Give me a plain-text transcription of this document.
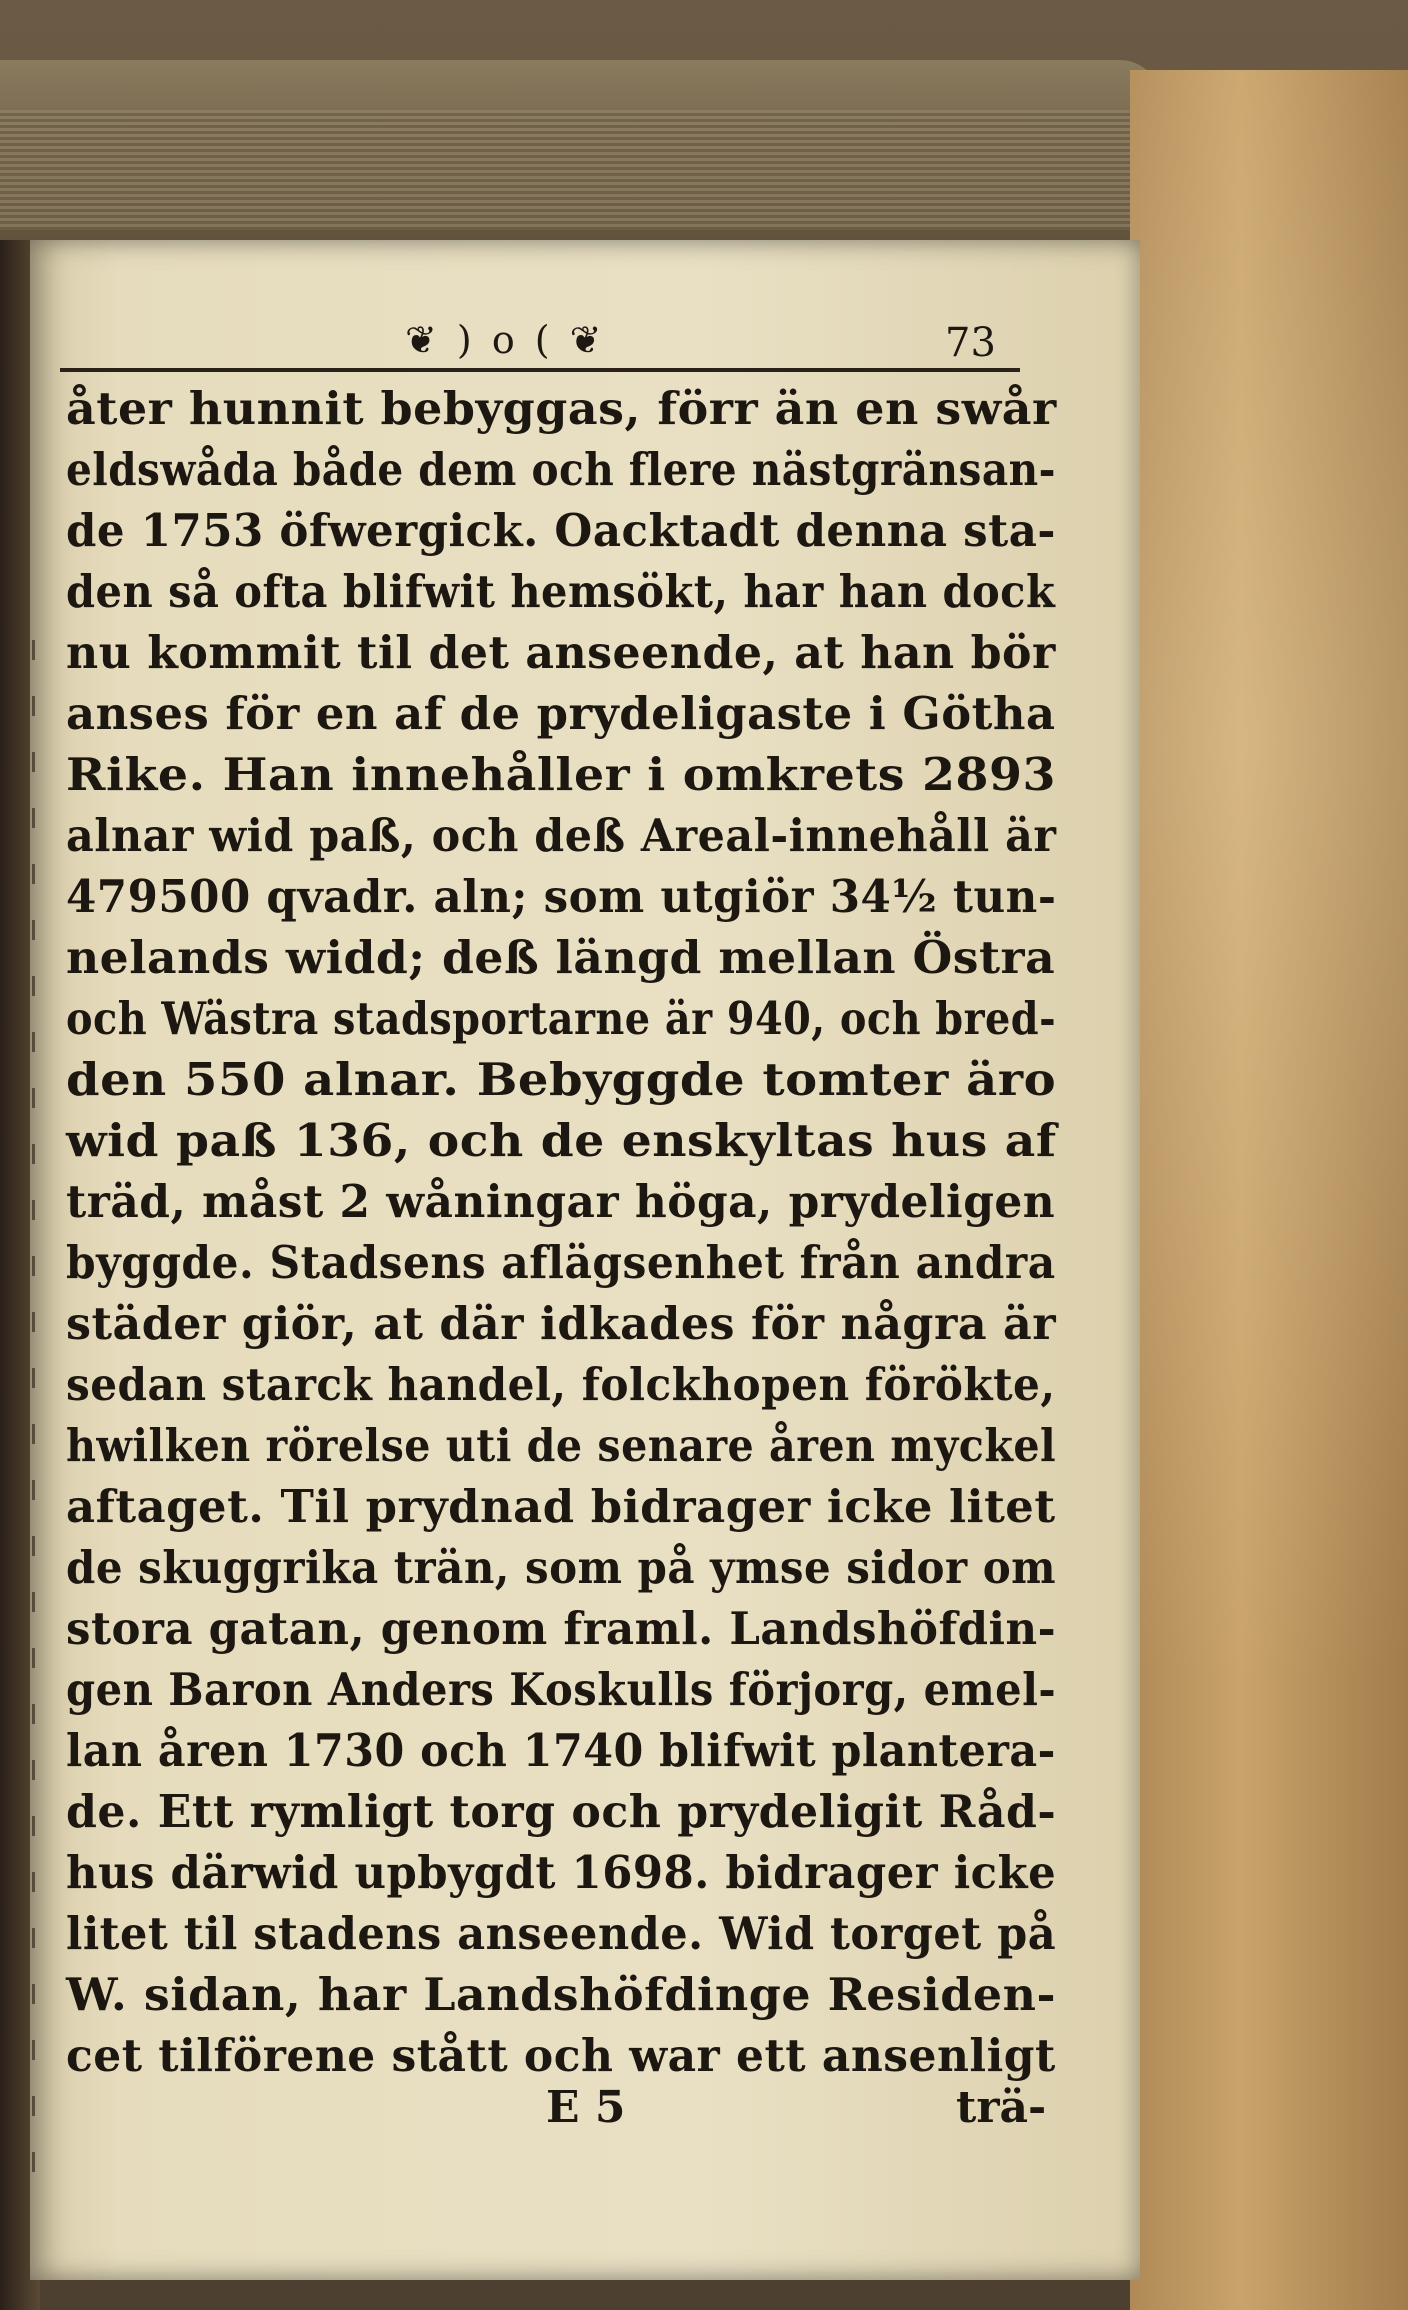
❦ ) o ( ❦	73
åter hunnit bebyggas, förr än en swår
eldswåda både dem och flere nästgränsan-
de 1753 öfwergick. Oacktadt denna sta-
den så ofta blifwit hemsökt, har han dock
nu kommit til det anseende, at han bör
anses för en af de prydeligaste i Götha
Rike. Han innehåller i omkrets 2893
alnar wid paß, och deß Areal-innehåll är
479500 qvadr. aln; som utgiör 34½ tun-
nelands widd; deß längd mellan Östra
och Wästra stadsportarne är 940, och bred-
den 550 alnar. Bebyggde tomter äro
wid paß 136, och de enskyltas hus af
träd, måst 2 wåningar höga, prydeligen
byggde. Stadsens aflägsenhet från andra
städer giör, at där idkades för några är
sedan starck handel, folckhopen förökte,
hwilken rörelse uti de senare åren myckel
aftaget. Til prydnad bidrager icke litet
de skuggrika trän, som på ymse sidor om
stora gatan, genom framl. Landshöfdin-
gen Baron Anders Koskulls förjorg, emel-
lan åren 1730 och 1740 blifwit plantera-
de. Ett rymligt torg och prydeligit Råd-
hus därwid upbygdt 1698. bidrager icke
litet til stadens anseende. Wid torget på
W. sidan, har Landshöfdinge Residen-
cet tilförene stått och war ett ansenligt
E 5	trä-
